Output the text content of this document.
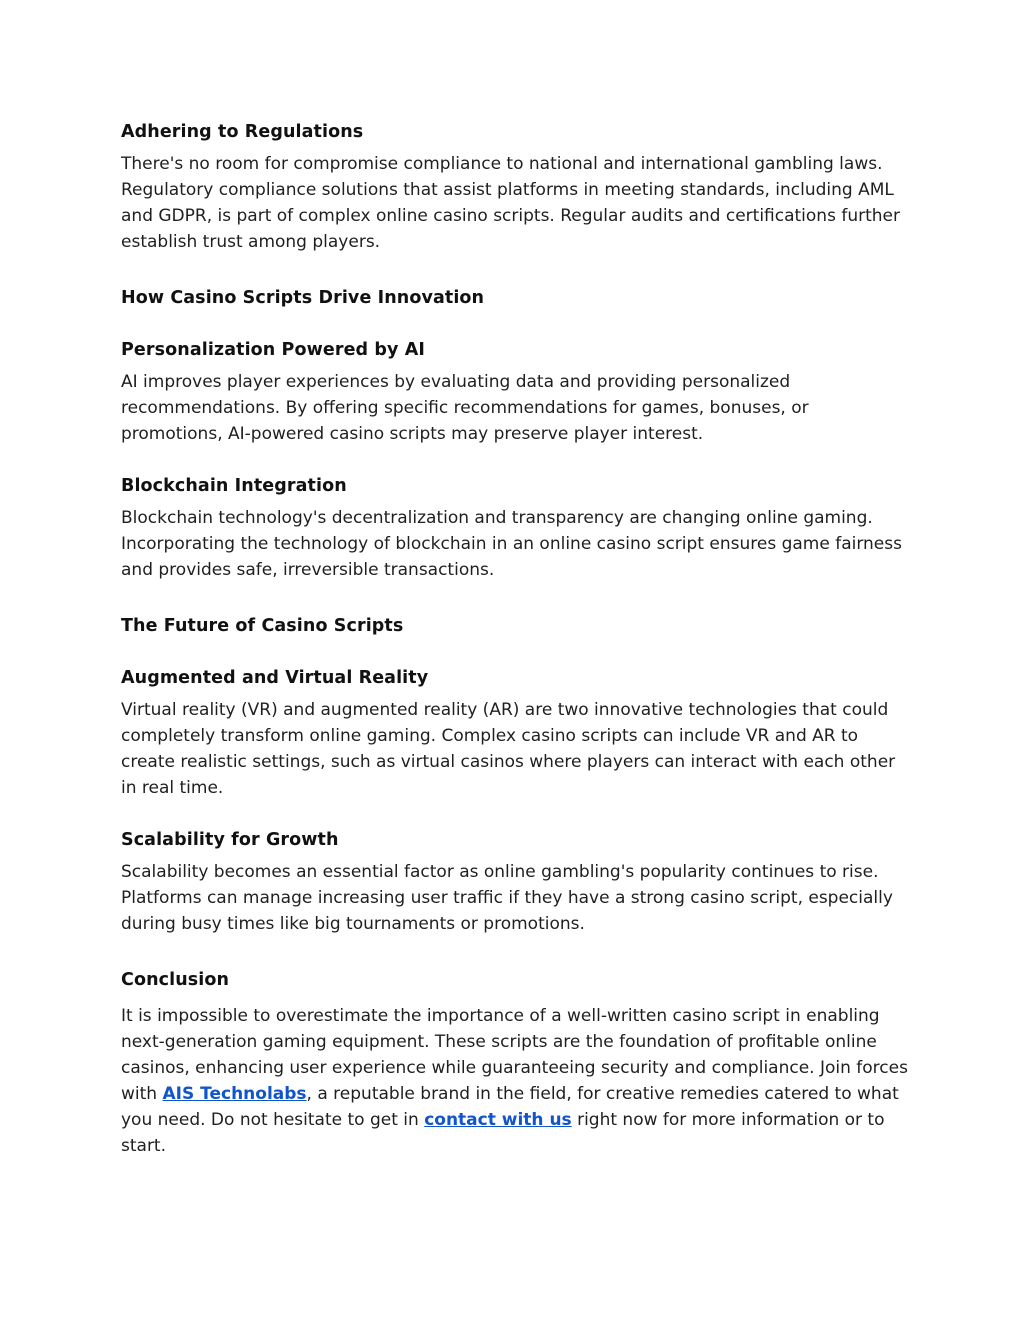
Adhering to Regulations

There's no room for compromise compliance to national and international gambling laws. Regulatory compliance solutions that assist platforms in meeting standards, including AML and GDPR, is part of complex online casino scripts. Regular audits and certifications further establish trust among players.

How Casino Scripts Drive Innovation
Personalization Powered by AI

AI improves player experiences by evaluating data and providing personalized recommendations. By offering specific recommendations for games, bonuses, or promotions, AI-powered casino scripts may preserve player interest.

Blockchain Integration

Blockchain technology's decentralization and transparency are changing online gaming. Incorporating the technology of blockchain in an online casino script ensures game fairness and provides safe, irreversible transactions.

The Future of Casino Scripts
Augmented and Virtual Reality

Virtual reality (VR) and augmented reality (AR) are two innovative technologies that could completely transform online gaming. Complex casino scripts can include VR and AR to create realistic settings, such as virtual casinos where players can interact with each other in real time.

Scalability for Growth

Scalability becomes an essential factor as online gambling's popularity continues to rise. Platforms can manage increasing user traffic if they have a strong casino script, especially during busy times like big tournaments or promotions.

Conclusion

It is impossible to overestimate the importance of a well-written casino script in enabling next-generation gaming equipment. These scripts are the foundation of profitable online casinos, enhancing user experience while guaranteeing security and compliance. Join forces with AIS Technolabs, a reputable brand in the field, for creative remedies catered to what you need. Do not hesitate to get in contact with us right now for more information or to start.
